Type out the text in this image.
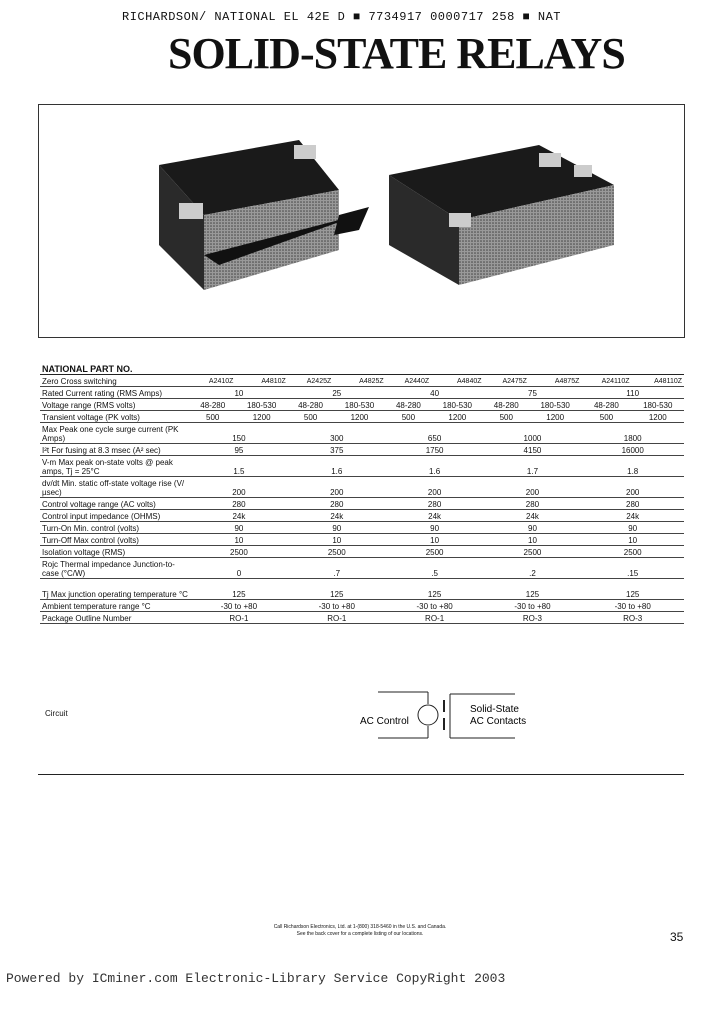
RICHARDSON/ NATIONAL EL 42E D ■ 7734917 0000717 258 ■ NAT
SOLID-STATE RELAYS
NATIONAL PART NO.										
Zero Cross switching	A2410Z	A4810Z	A2425Z	A4825Z	A2440Z	A4840Z	A2475Z	A4875Z	A24110Z	A48110Z
Rated Current rating (RMS Amps)	10		25		40		75		110	
Voltage range (RMS volts)	48-280	180-530	48-280	180-530	48-280	180-530	48-280	180-530	48-280	180-530
Transient voltage (PK volts)	500	1200	500	1200	500	1200	500	1200	500	1200
Max Peak one cycle surge current (PK Amps)	150		300		650		1000		1800	
I²t For fusing at 8.3 msec (A² sec)	95		375		1750		4150		16000	
V-m Max peak on-state volts @ peak amps, Tj = 25°C	1.5		1.6		1.6		1.7		1.8	
dv/dt Min. static off-state voltage rise (V/µsec)	200		200		200		200		200	
Control voltage range (AC volts)	280		280		280		280		280	
Control input impedance (OHMS)	24k		24k		24k		24k		24k	
Turn-On Min. control (volts)	90		90		90		90		90	
Turn-Off Max control (volts)	10		10		10		10		10	
Isolation voltage (RMS)	2500		2500		2500		2500		2500	
Rojc Thermal impedance Junction-to-case (°C/W)	0		.7		.5		.2		.15	
Tj Max junction operating temperature °C	125		125		125		125		125	
Ambient temperature range °C	-30 to +80		-30 to +80		-30 to +80		-30 to +80		-30 to +80	
Package Outline Number	RO-1		RO-1		RO-1		RO-3		RO-3	
Circuit
AC Control
Solid-State
AC Contacts
Call Richardson Electronics, Ltd. at 1-(800) 318-5460 in the U.S. and Canada.
See the back cover for a complete listing of our locations.	35
Powered by ICminer.com Electronic-Library Service CopyRight 2003
